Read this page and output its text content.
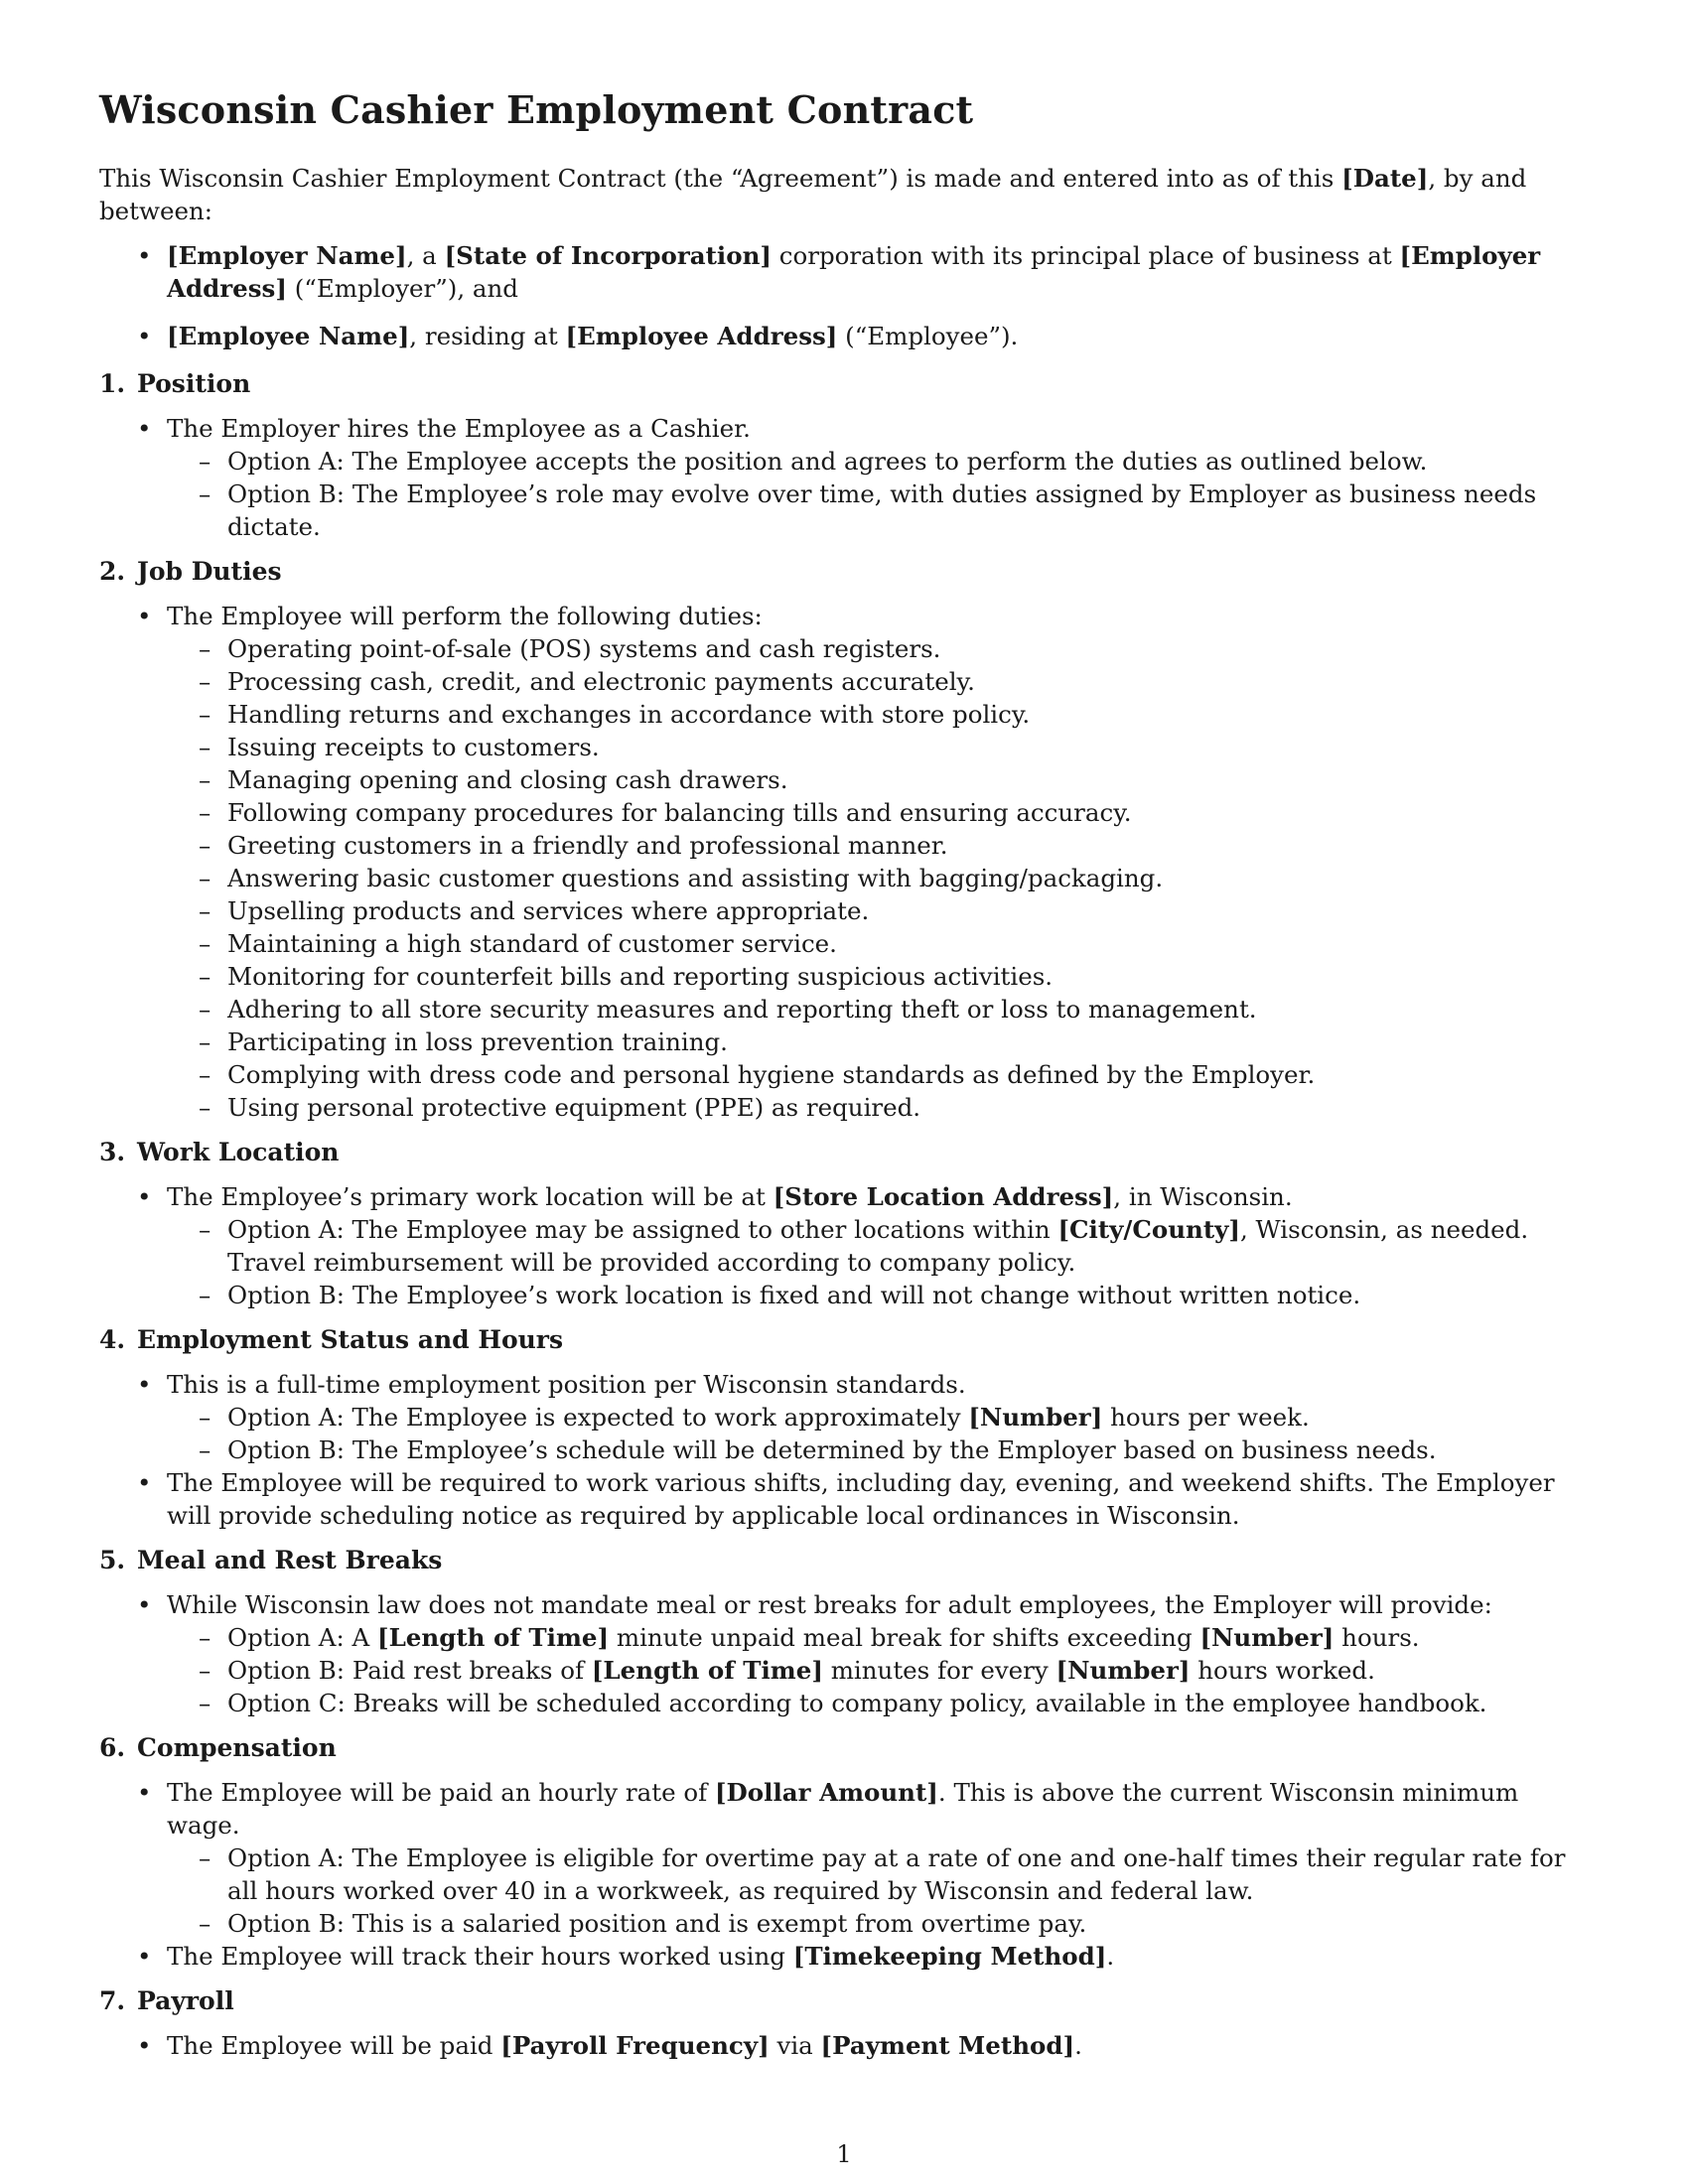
Wisconsin Cashier Employment Contract

This Wisconsin Cashier Employment Contract (the “Agreement”) is made and entered into as of this [Date], by and between:

• [Employer Name], a [State of Incorporation] corporation with its principal place of business at [Employer Address] (“Employer”), and
• [Employee Name], residing at [Employee Address] (“Employee”).
1. Position
• The Employer hires the Employee as a Cashier.
– Option A: The Employee accepts the position and agrees to perform the duties as outlined below.
– Option B: The Employee’s role may evolve over time, with duties assigned by Employer as business needs dictate.
2. Job Duties
• The Employee will perform the following duties:
– Operating point-of-sale (POS) systems and cash registers.
– Processing cash, credit, and electronic payments accurately.
– Handling returns and exchanges in accordance with store policy.
– Issuing receipts to customers.
– Managing opening and closing cash drawers.
– Following company procedures for balancing tills and ensuring accuracy.
– Greeting customers in a friendly and professional manner.
– Answering basic customer questions and assisting with bagging/packaging.
– Upselling products and services where appropriate.
– Maintaining a high standard of customer service.
– Monitoring for counterfeit bills and reporting suspicious activities.
– Adhering to all store security measures and reporting theft or loss to management.
– Participating in loss prevention training.
– Complying with dress code and personal hygiene standards as defined by the Employer.
– Using personal protective equipment (PPE) as required.
3. Work Location
• The Employee’s primary work location will be at [Store Location Address], in Wisconsin.
– Option A: The Employee may be assigned to other locations within [City/County], Wisconsin, as needed. Travel reimbursement will be provided according to company policy.
– Option B: The Employee’s work location is fixed and will not change without written notice.
4. Employment Status and Hours
• This is a full-time employment position per Wisconsin standards.
– Option A: The Employee is expected to work approximately [Number] hours per week.
– Option B: The Employee’s schedule will be determined by the Employer based on business needs.
• The Employee will be required to work various shifts, including day, evening, and weekend shifts. The Employer will provide scheduling notice as required by applicable local ordinances in Wisconsin.
5. Meal and Rest Breaks
• While Wisconsin law does not mandate meal or rest breaks for adult employees, the Employer will provide:
– Option A: A [Length of Time] minute unpaid meal break for shifts exceeding [Number] hours.
– Option B: Paid rest breaks of [Length of Time] minutes for every [Number] hours worked.
– Option C: Breaks will be scheduled according to company policy, available in the employee handbook.
6. Compensation
• The Employee will be paid an hourly rate of [Dollar Amount]. This is above the current Wisconsin minimum wage.
– Option A: The Employee is eligible for overtime pay at a rate of one and one-half times their regular rate for all hours worked over 40 in a workweek, as required by Wisconsin and federal law.
– Option B: This is a salaried position and is exempt from overtime pay.
• The Employee will track their hours worked using [Timekeeping Method].
7. Payroll
• The Employee will be paid [Payroll Frequency] via [Payment Method].
1
